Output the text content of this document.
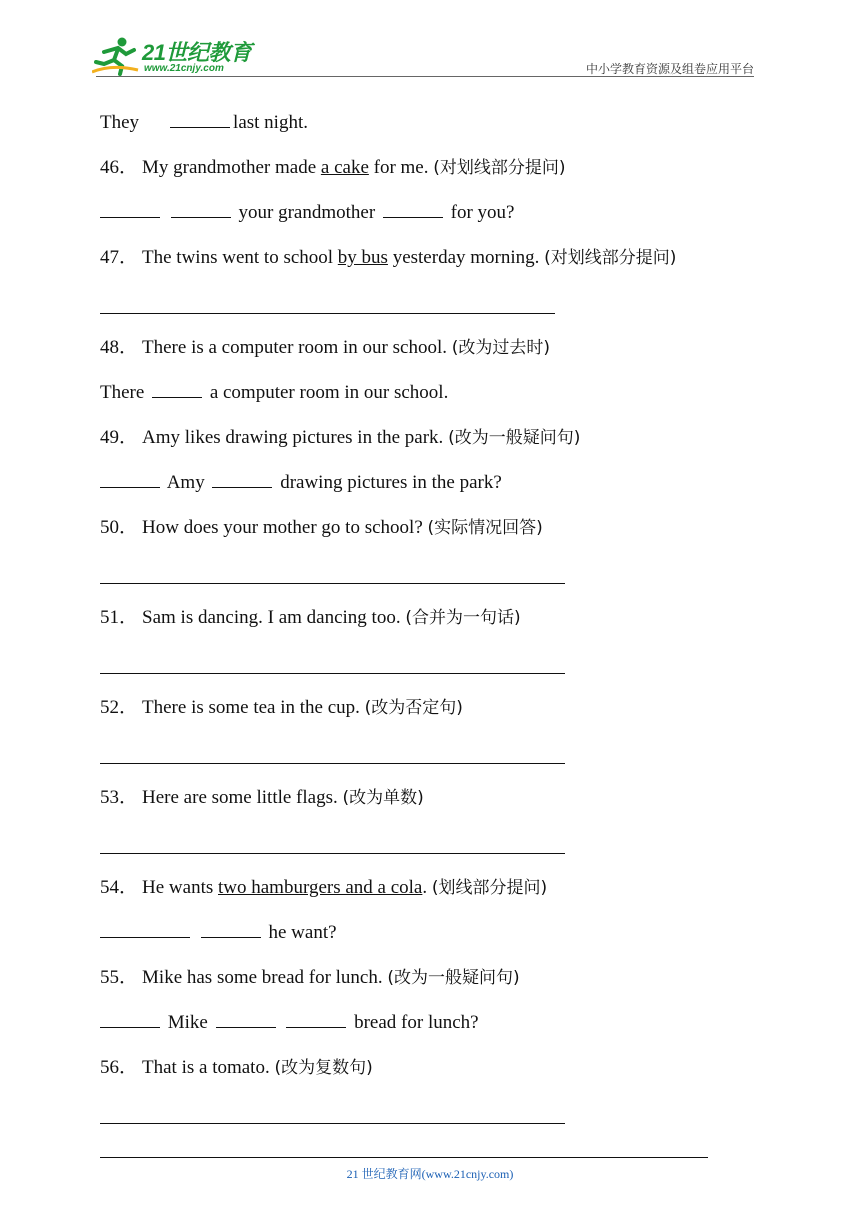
21世纪教育
www.21cnjy.com	中小学教育资源及组卷应用平台
They	last night.
46． My grandmother made a cake for me. (对划线部分提问)
your grandmother	for you?
47． The twins went to school by bus yesterday morning. (对划线部分提问)
48． There is a computer room in our school. (改为过去时)
There	a computer room in our school.
49． Amy likes drawing pictures in the park. (改为一般疑问句)
Amy	drawing pictures in the park?
50． How does your mother go to school? (实际情况回答)
51． Sam is dancing. I am dancing too. (合并为一句话)
52． There is some tea in the cup. (改为否定句)
53． Here are some little flags. (改为单数)
54． He wants two hamburgers and a cola. (划线部分提问)
he want?
55． Mike has some bread for lunch. (改为一般疑问句)
Mike	bread for lunch?
56． That is a tomato. (改为复数句)
21 世纪教育网(www.21cnjy.com)
